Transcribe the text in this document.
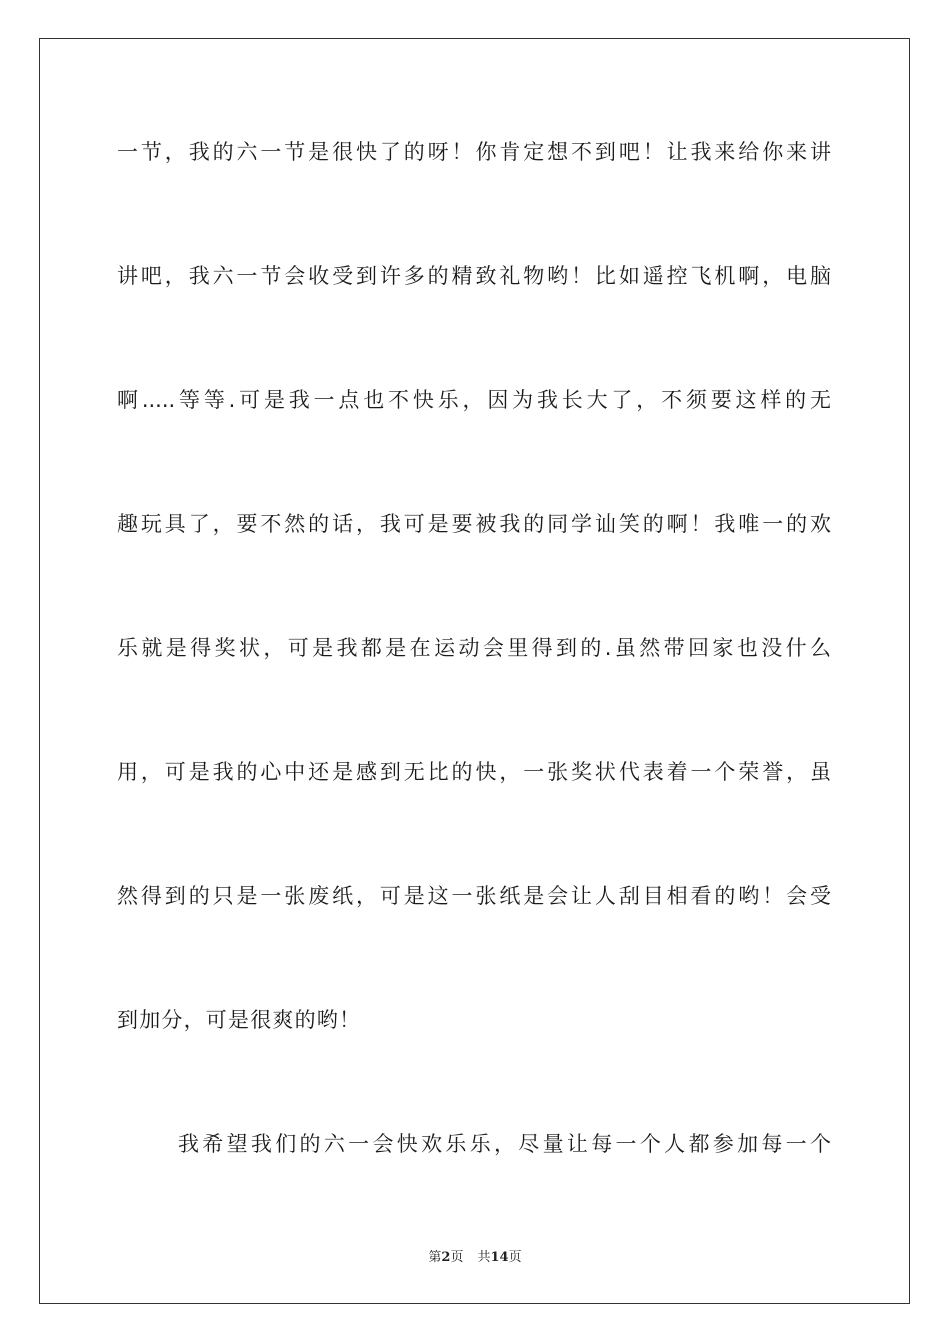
一节，我的六一节是很快了的呀！你肯定想不到吧！让我来给你来讲
讲吧，我六一节会收受到许多的精致礼物哟！比如遥控飞机啊，电脑
啊.....等等.可是我一点也不快乐，因为我长大了，不须要这样的无
趣玩具了，要不然的话，我可是要被我的同学讪笑的啊！我唯一的欢
乐就是得奖状，可是我都是在运动会里得到的.虽然带回家也没什么
用，可是我的心中还是感到无比的快，一张奖状代表着一个荣誉，虽
然得到的只是一张废纸，可是这一张纸是会让人刮目相看的哟！会受
到加分，可是很爽的哟！
我希望我们的六一会快欢乐乐，尽量让每一个人都参加每一个
第2页 共14页
